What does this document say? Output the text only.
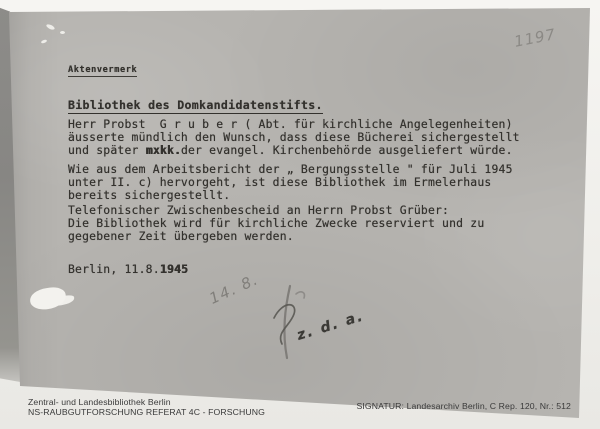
1197
Aktenvermerk
Bibliothek des Domkandidatenstifts.
Herr Probst  G r u b e r ( Abt. für kirchliche Angelegenheiten)
äusserte mündlich den Wunsch, dass diese Bücherei sichergestellt
und später mxkk.der evangel. Kirchenbehörde ausgeliefert würde.
Wie aus dem Arbeitsbericht der „ Bergungsstelle " für Juli 1945
unter II. c) hervorgeht, ist diese Bibliothek im Ermelerhaus
bereits sichergestellt.
Telefonischer Zwischenbescheid an Herrn Probst Grüber:
Die Bibliothek wird für kirchliche Zwecke reserviert und zu
gegebener Zeit übergeben werden.
Berlin, 11.8.1945
14. 8.
z. d. a.
Zentral- und Landesbibliothek Berlin
NS-RAUBGUTFORSCHUNG REFERAT 4C - FORSCHUNG
SIGNATUR: Landesarchiv Berlin, C Rep. 120, Nr.: 512
